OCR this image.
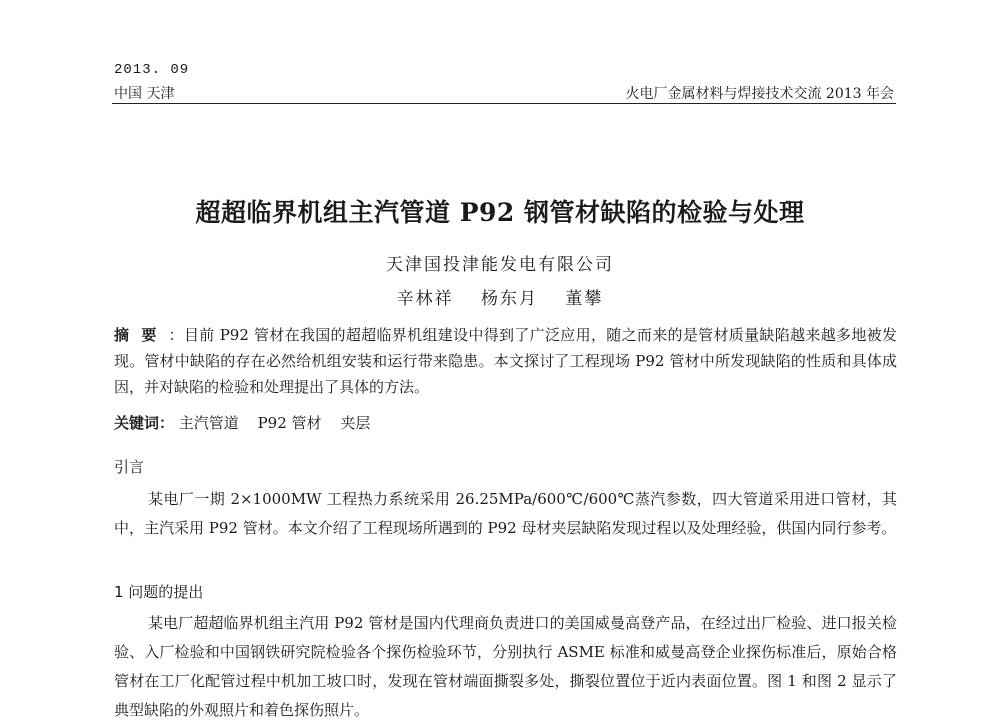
2013. 09
中国 天津	火电厂金属材料与焊接技术交流 2013 年会
超超临界机组主汽管道 P92 钢管材缺陷的检验与处理
天津国投津能发电有限公司
辛林祥 杨东月 董攀
摘要：目前 P92 管材在我国的超超临界机组建设中得到了广泛应用，随之而来的是管材质量缺陷越来越多地被发现。管材中缺陷的存在必然给机组安装和运行带来隐患。本文探讨了工程现场 P92 管材中所发现缺陷的性质和具体成因，并对缺陷的检验和处理提出了具体的方法。
关键词： 主汽管道 P92 管材 夹层
引言
某电厂一期 2×1000MW 工程热力系统采用 26.25MPa/600℃/600℃蒸汽参数，四大管道采用进口管材，其中，主汽采用 P92 管材。本文介绍了工程现场所遇到的 P92 母材夹层缺陷发现过程以及处理经验，供国内同行参考。
1 问题的提出
某电厂超超临界机组主汽用 P92 管材是国内代理商负责进口的美国威曼高登产品，在经过出厂检验、进口报关检验、入厂检验和中国钢铁研究院检验各个探伤检验环节，分别执行 ASME 标准和威曼高登企业探伤标准后，原始合格管材在工厂化配管过程中机加工坡口时，发现在管材端面撕裂多处，撕裂位置位于近内表面位置。图 1 和图 2 显示了典型缺陷的外观照片和着色探伤照片。
